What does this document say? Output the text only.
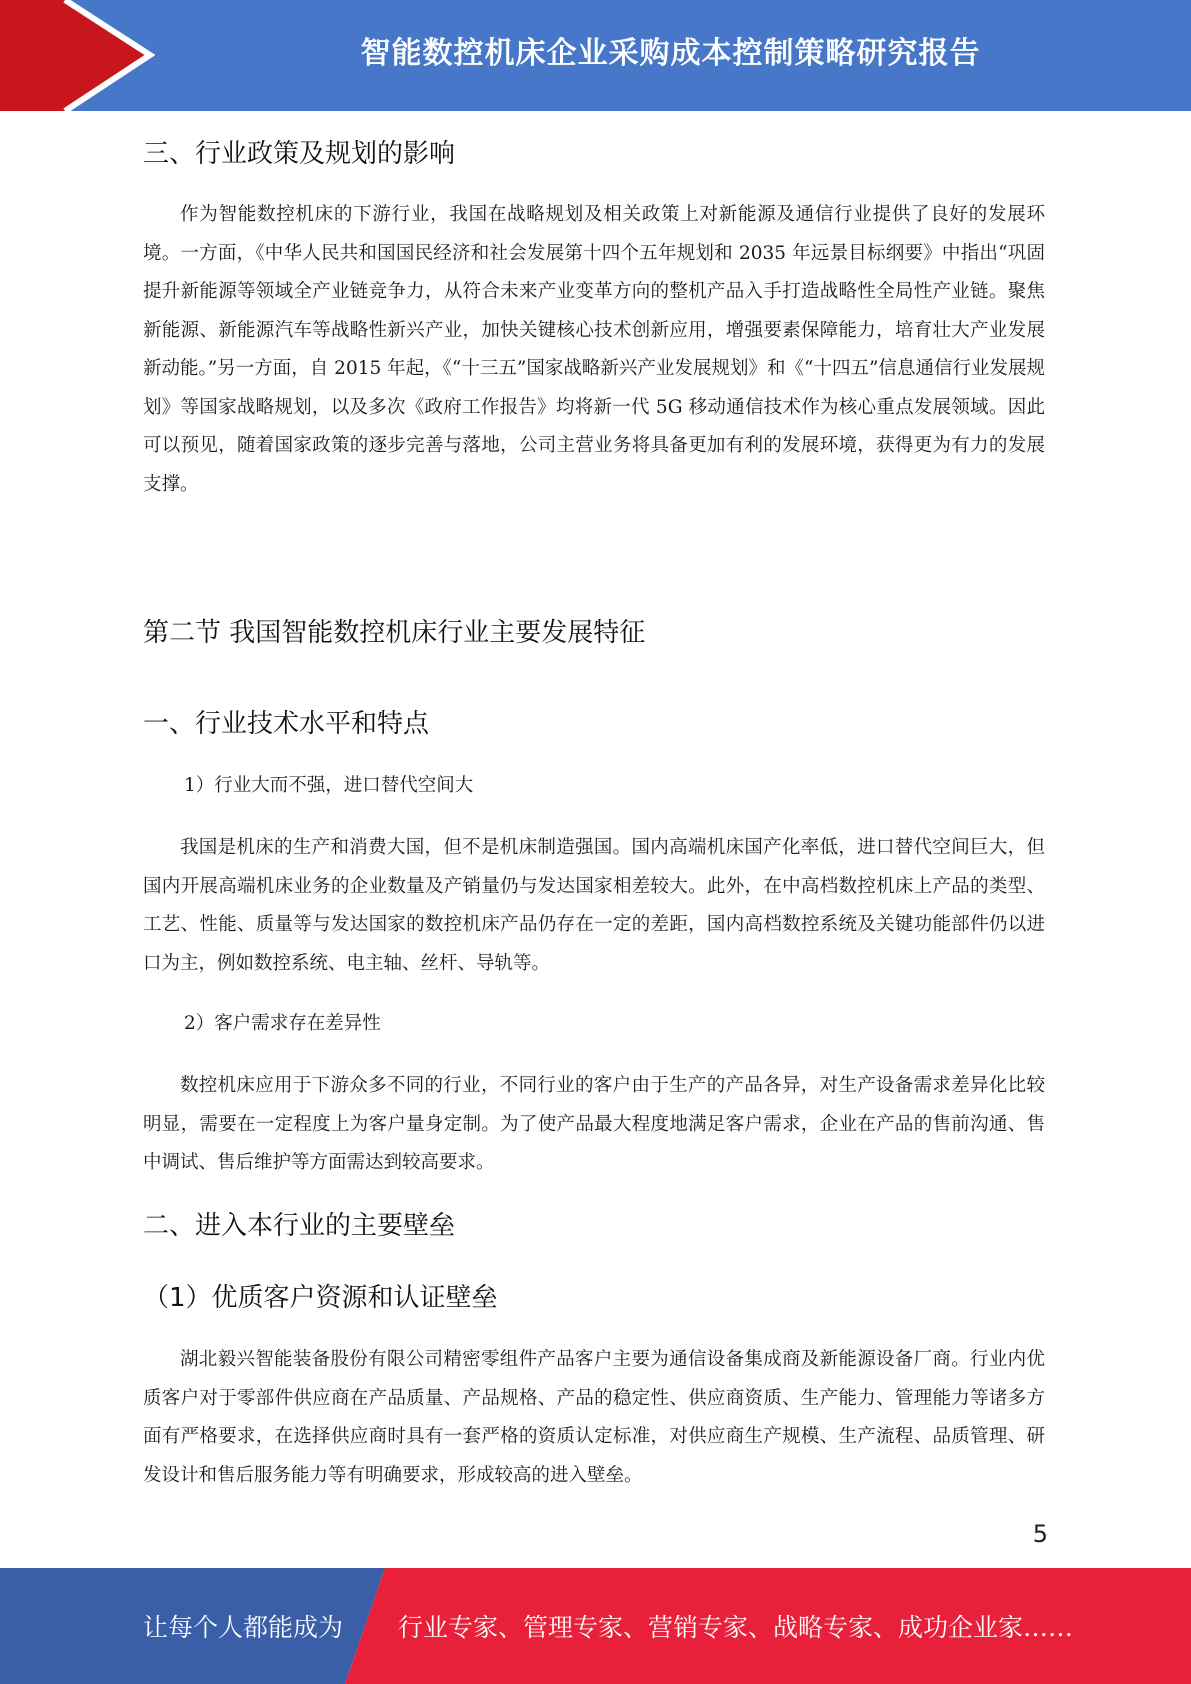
智能数控机床企业采购成本控制策略研究报告
三、行业政策及规划的影响

作为智能数控机床的下游行业，我国在战略规划及相关政策上对新能源及通信行业提供了良好的发展环境。一方面，《中华人民共和国国民经济和社会发展第十四个五年规划和 2035 年远景目标纲要》中指出“巩固提升新能源等领域全产业链竞争力，从符合未来产业变革方向的整机产品入手打造战略性全局性产业链。聚焦新能源、新能源汽车等战略性新兴产业，加快关键核心技术创新应用，增强要素保障能力，培育壮大产业发展新动能。”另一方面，自 2015 年起，《“十三五”国家战略新兴产业发展规划》和《“十四五”信息通信行业发展规划》等国家战略规划，以及多次《政府工作报告》均将新一代 5G 移动通信技术作为核心重点发展领域。因此可以预见，随着国家政策的逐步完善与落地，公司主营业务将具备更加有利的发展环境，获得更为有力的发展支撑。

第二节 我国智能数控机床行业主要发展特征
一、行业技术水平和特点

1）行业大而不强，进口替代空间大

我国是机床的生产和消费大国，但不是机床制造强国。国内高端机床国产化率低，进口替代空间巨大，但国内开展高端机床业务的企业数量及产销量仍与发达国家相差较大。此外，在中高档数控机床上产品的类型、工艺、性能、质量等与发达国家的数控机床产品仍存在一定的差距，国内高档数控系统及关键功能部件仍以进口为主，例如数控系统、电主轴、丝杆、导轨等。

2）客户需求存在差异性

数控机床应用于下游众多不同的行业，不同行业的客户由于生产的产品各异，对生产设备需求差异化比较明显，需要在一定程度上为客户量身定制。为了使产品最大程度地满足客户需求，企业在产品的售前沟通、售中调试、售后维护等方面需达到较高要求。

二、进入本行业的主要壁垒
（1）优质客户资源和认证壁垒

湖北毅兴智能装备股份有限公司精密零组件产品客户主要为通信设备集成商及新能源设备厂商。行业内优质客户对于零部件供应商在产品质量、产品规格、产品的稳定性、供应商资质、生产能力、管理能力等诸多方面有严格要求，在选择供应商时具有一套严格的资质认定标准，对供应商生产规模、生产流程、品质管理、研发设计和售后服务能力等有明确要求，形成较高的进入壁垒。

5
让每个人都能成为 行业专家、管理专家、营销专家、战略专家、成功企业家……
